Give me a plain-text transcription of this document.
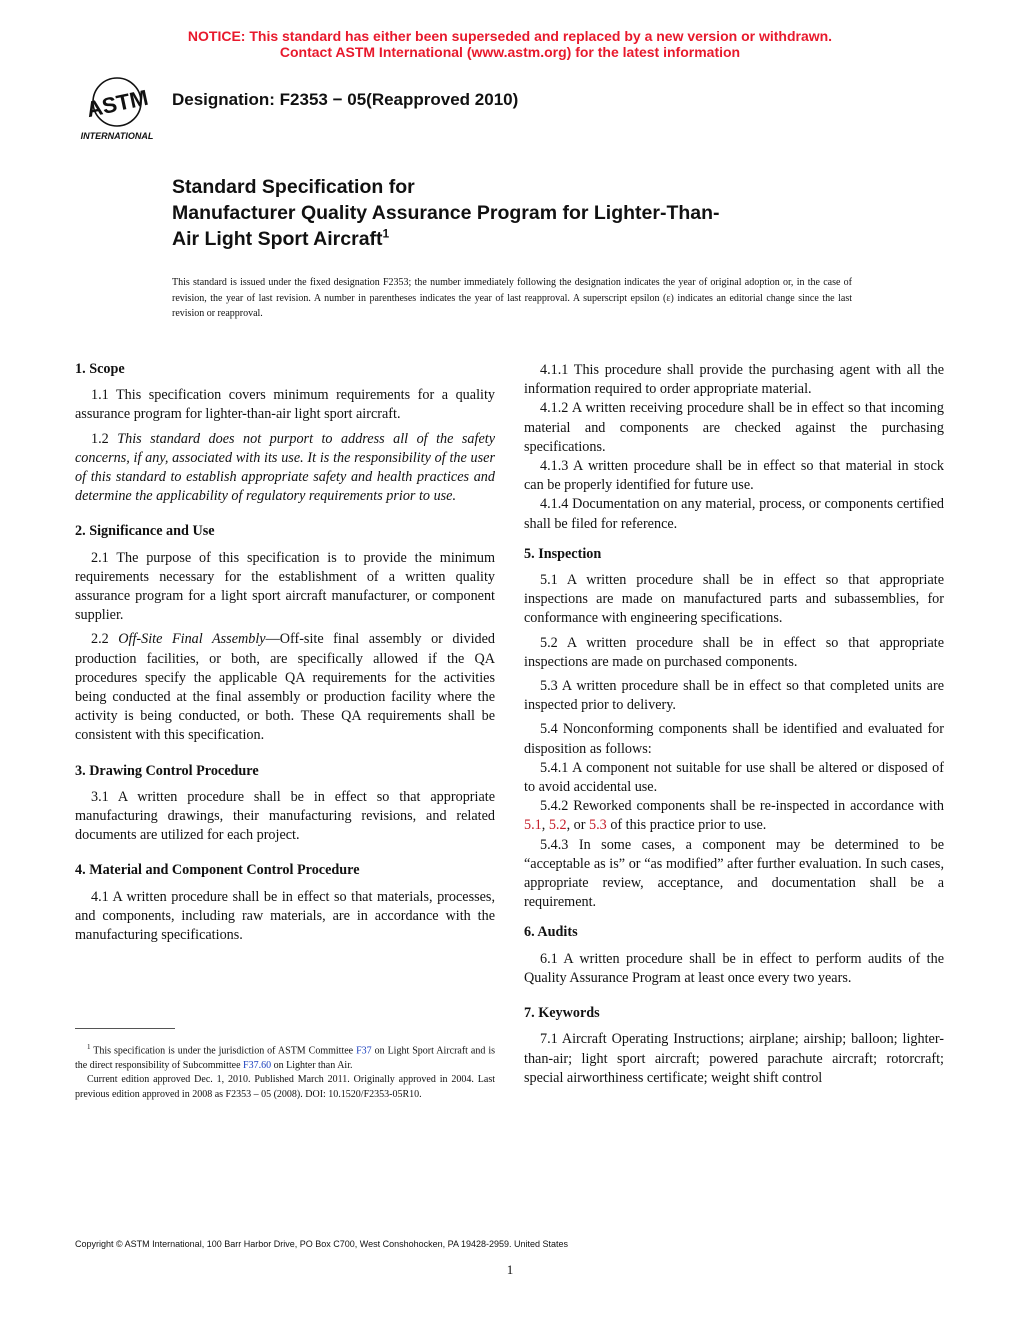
NOTICE: This standard has either been superseded and replaced by a new version or withdrawn.
Contact ASTM International (www.astm.org) for the latest information
ASTM
INTERNATIONAL
Designation: F2353 − 05(Reapproved 2010)
Standard Specification for
Manufacturer Quality Assurance Program for Lighter-Than-
Air Light Sport Aircraft$^1$
This standard is issued under the fixed designation F2353; the number immediately following the designation indicates the year of original adoption or, in the case of revision, the year of last revision. A number in parentheses indicates the year of last reapproval. A superscript epsilon (ε) indicates an editorial change since the last revision or reapproval.
1. Scope

1.1 This specification covers minimum requirements for a quality assurance program for lighter-than-air light sport aircraft.

1.2 This standard does not purport to address all of the safety concerns, if any, associated with its use. It is the responsibility of the user of this standard to establish appropriate safety and health practices and determine the applicability of regulatory requirements prior to use.

2. Significance and Use

2.1 The purpose of this specification is to provide the minimum requirements necessary for the establishment of a written quality assurance program for a light sport aircraft manufacturer, or component supplier.

2.2 Off-Site Final Assembly—Off-site final assembly or divided production facilities, or both, are specifically allowed if the QA procedures specify the applicable QA requirements for the activities being conducted at the final assembly or production facility where the activity is being conducted, or both. These QA requirements shall be consistent with this specification.

3. Drawing Control Procedure

3.1 A written procedure shall be in effect so that appropriate manufacturing drawings, their manufacturing revisions, and related documents are utilized for each project.

4. Material and Component Control Procedure

4.1 A written procedure shall be in effect so that materials, processes, and components, including raw materials, are in accordance with the manufacturing specifications.

$^1$ This specification is under the jurisdiction of ASTM Committee F37 on Light Sport Aircraft and is the direct responsibility of Subcommittee F37.60 on Lighter than Air.

Current edition approved Dec. 1, 2010. Published March 2011. Originally approved in 2004. Last previous edition approved in 2008 as F2353 – 05 (2008). DOI: 10.1520/F2353-05R10.

4.1.1 This procedure shall provide the purchasing agent with all the information required to order appropriate material.

4.1.2 A written receiving procedure shall be in effect so that incoming material and components are checked against the purchasing specifications.

4.1.3 A written procedure shall be in effect so that material in stock can be properly identified for future use.

4.1.4 Documentation on any material, process, or components certified shall be filed for reference.

5. Inspection

5.1 A written procedure shall be in effect so that appropriate inspections are made on manufactured parts and subassemblies, for conformance with engineering specifications.

5.2 A written procedure shall be in effect so that appropriate inspections are made on purchased components.

5.3 A written procedure shall be in effect so that completed units are inspected prior to delivery.

5.4 Nonconforming components shall be identified and evaluated for disposition as follows:

5.4.1 A component not suitable for use shall be altered or disposed of to avoid accidental use.

5.4.2 Reworked components shall be re-inspected in accordance with 5.1, 5.2, or 5.3 of this practice prior to use.

5.4.3 In some cases, a component may be determined to be “acceptable as is” or “as modified” after further evaluation. In such cases, appropriate review, acceptance, and documentation shall be a requirement.

6. Audits

6.1 A written procedure shall be in effect to perform audits of the Quality Assurance Program at least once every two years.

7. Keywords

7.1 Aircraft Operating Instructions; airplane; airship; balloon; lighter-than-air; light sport aircraft; powered parachute aircraft; rotorcraft; special airworthiness certificate; weight shift control

Copyright © ASTM International, 100 Barr Harbor Drive, PO Box C700, West Conshohocken, PA 19428-2959. United States
1
